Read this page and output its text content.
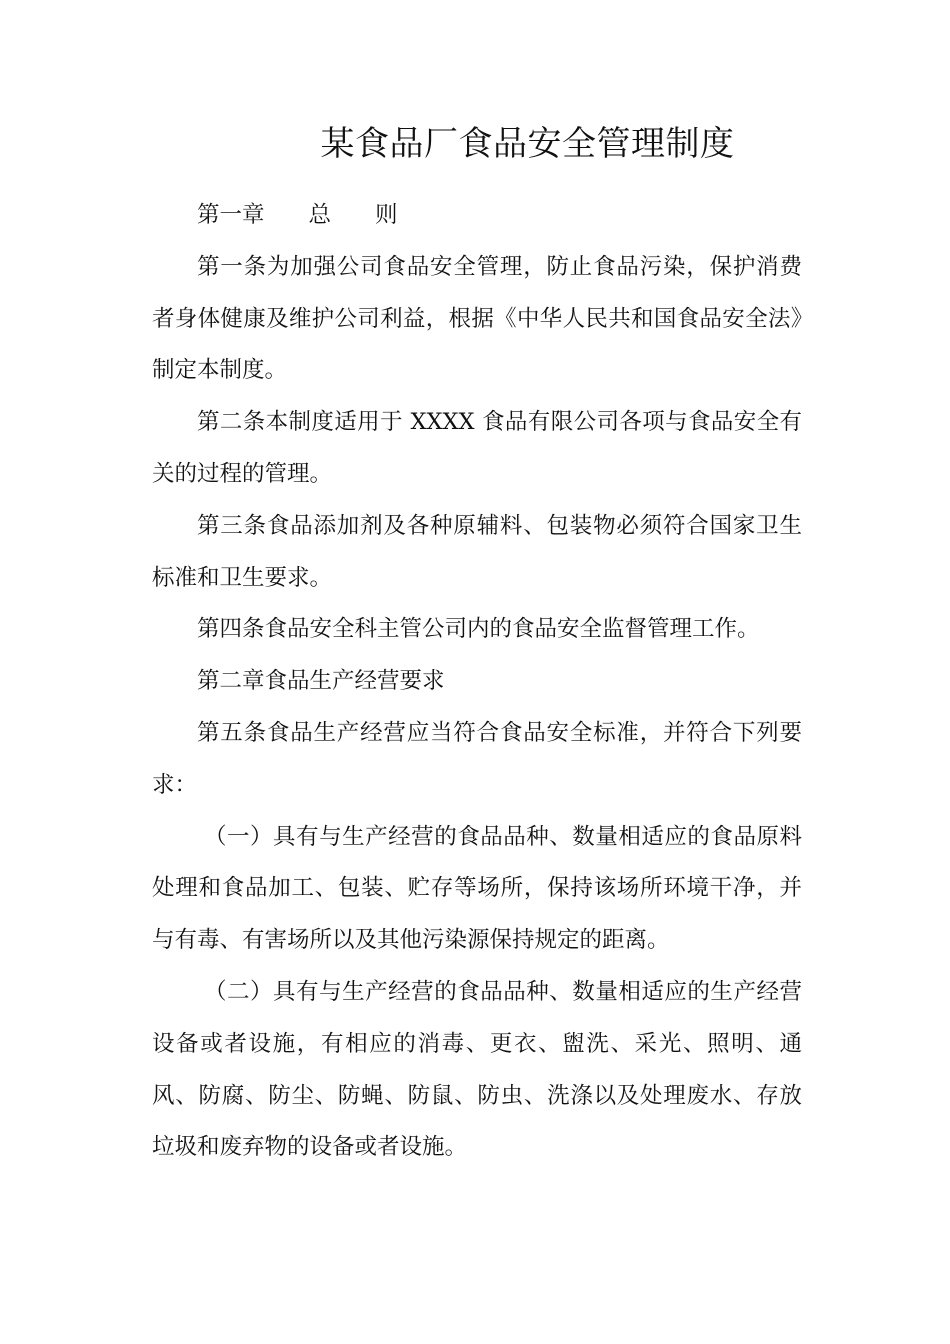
某食品厂食品安全管理制度

第一章 总 则

第一条为加强公司食品安全管理，防止食品污染，保护消费者身体健康及维护公司利益，根据《中华人民共和国食品安全法》制定本制度。

第二条本制度适用于 XXXX 食品有限公司各项与食品安全有关的过程的管理。

第三条食品添加剂及各种原辅料、包装物必须符合国家卫生标准和卫生要求。

第四条食品安全科主管公司内的食品安全监督管理工作。

第二章食品生产经营要求

第五条食品生产经营应当符合食品安全标准，并符合下列要求：

（一）具有与生产经营的食品品种、数量相适应的食品原料处理和食品加工、包装、贮存等场所，保持该场所环境干净，并与有毒、有害场所以及其他污染源保持规定的距离。

（二）具有与生产经营的食品品种、数量相适应的生产经营设备或者设施，有相应的消毒、更衣、盥洗、采光、照明、通风、防腐、防尘、防蝇、防鼠、防虫、洗涤以及处理废水、存放垃圾和废弃物的设备或者设施。
